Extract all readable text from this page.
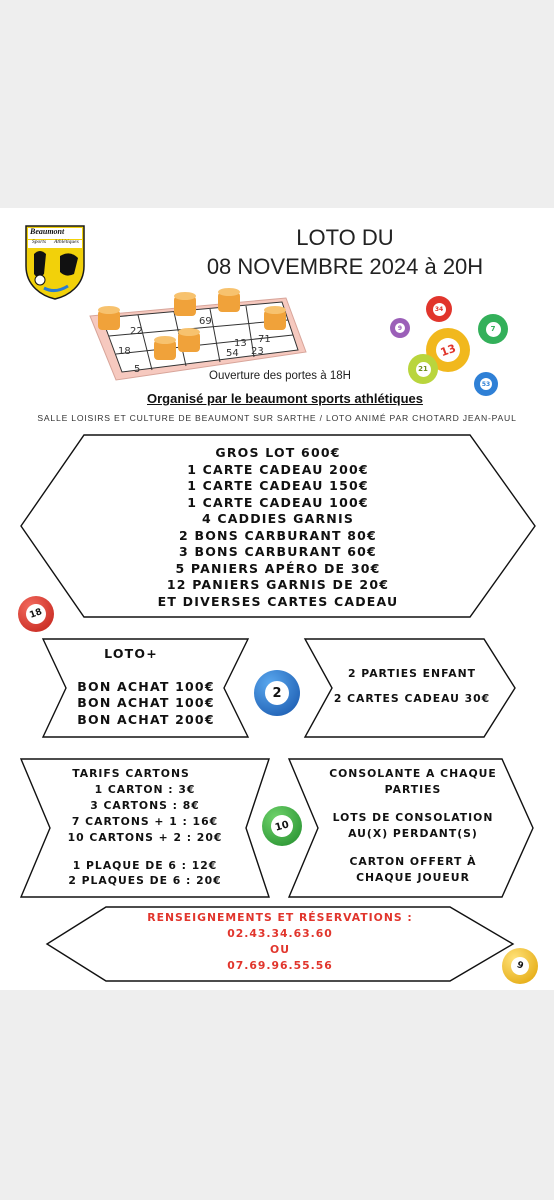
Beaumont
Sports Athlétiques	LOTO DU
08 NOVEMBRE 2024 à 20H
22
69
13 71
18	54 23
5
34
9	7
13
21
53
Ouverture des portes à 18H
Organisé par le beaumont sports athlétiques
SALLE LOISIRS ET CULTURE DE BEAUMONT SUR SARTHE / LOTO ANIMÉ PAR CHOTARD JEAN-PAUL
GROS LOT 600€
1 CARTE CADEAU 200€
1 CARTE CADEAU 150€
1 CARTE CADEAU 100€
4 CADDIES GARNIS
2 BONS CARBURANT 80€
3 BONS CARBURANT 60€
5 PANIERS APÉRO DE 30€
12 PANIERS GARNIS DE 20€
ET DIVERSES CARTES CADEAU
18
LOTO+
BON ACHAT 100€
BON ACHAT 100€
BON ACHAT 200€
2
2 PARTIES ENFANT
2 CARTES CADEAU 30€
TARIFS CARTONS
1 CARTON : 3€
3 CARTONS : 8€
7 CARTONS + 1 : 16€
10 CARTONS + 2 : 20€
1 PLAQUE DE 6 : 12€
2 PLAQUES DE 6 : 20€
10
CONSOLANTE A CHAQUE
PARTIES
LOTS DE CONSOLATION
AU(X) PERDANT(S)
CARTON OFFERT À
CHAQUE JOUEUR
RENSEIGNEMENTS ET RÉSERVATIONS :
02.43.34.63.60
OU
07.69.96.55.56	9
